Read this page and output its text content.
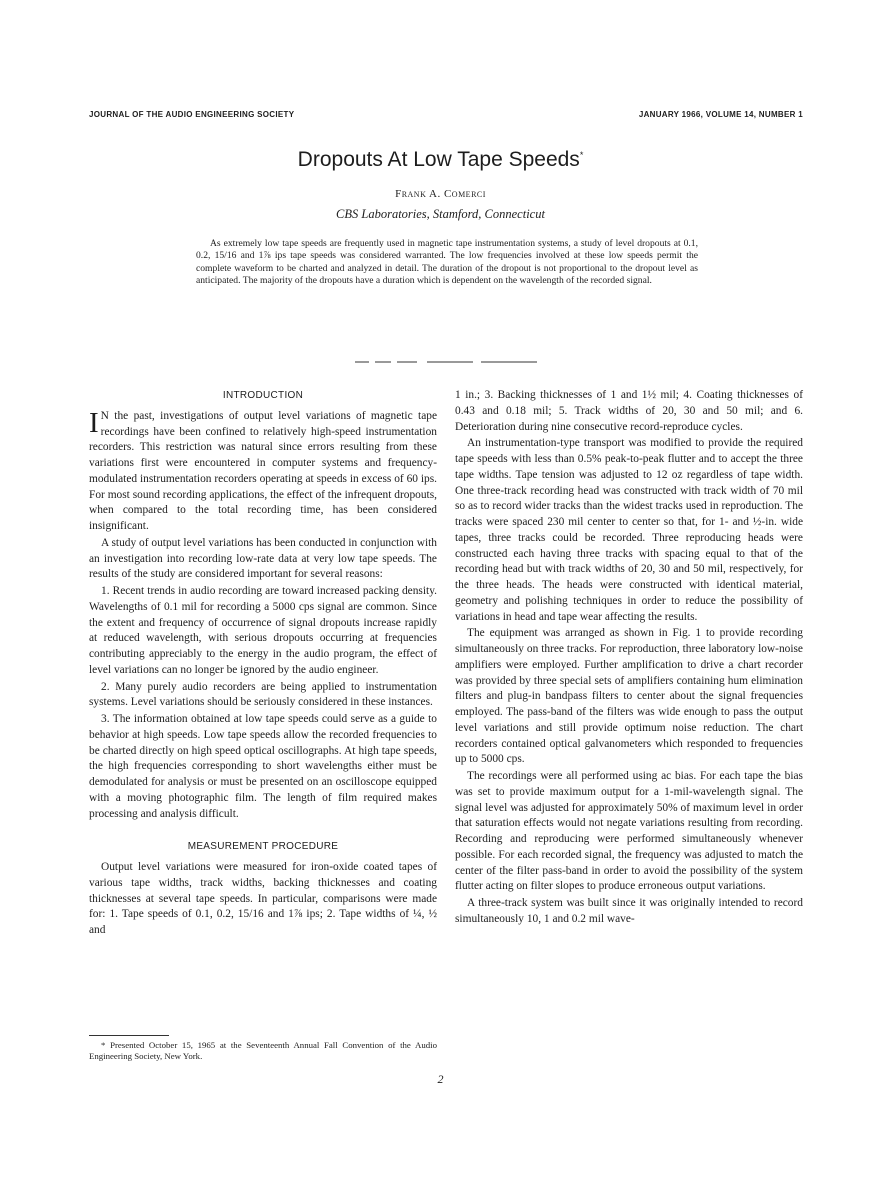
JOURNAL OF THE AUDIO ENGINEERING SOCIETY	JANUARY 1966, VOLUME 14, NUMBER 1
Dropouts At Low Tape Speeds*
Frank A. Comerci
CBS Laboratories, Stamford, Connecticut
As extremely low tape speeds are frequently used in magnetic tape instrumentation systems, a study of level dropouts at 0.1, 0.2, 15/16 and 1⅞ ips tape speeds was considered warranted. The low frequencies involved at these low speeds permit the complete waveform to be charted and analyzed in detail. The duration of the dropout is not proportional to the dropout level as anticipated. The majority of the dropouts have a duration which is dependent on the wavelength of the recorded signal.
INTRODUCTION

I N the past, investigations of output level variations of magnetic tape recordings have been confined to relatively high-speed instrumentation recorders. This restriction was natural since errors resulting from these variations first were encountered in computer systems and frequency-modulated instrumentation recorders operating at speeds in excess of 60 ips. For most sound recording applications, the effect of the infrequent dropouts, when compared to the total recording time, has been considered insignificant.

A study of output level variations has been conducted in conjunction with an investigation into recording low-rate data at very low tape speeds. The results of the study are considered important for several reasons:

1. Recent trends in audio recording are toward increased packing density. Wavelengths of 0.1 mil for recording a 5000 cps signal are common. Since the extent and frequency of occurrence of signal dropouts increase rapidly at reduced wavelength, with serious dropouts occurring at frequencies contributing appreciably to the energy in the audio program, the effect of level variations can no longer be ignored by the audio engineer.

2. Many purely audio recorders are being applied to instrumentation systems. Level variations should be seriously considered in these instances.

3. The information obtained at low tape speeds could serve as a guide to behavior at high speeds. Low tape speeds allow the recorded frequencies to be charted directly on high speed optical oscillographs. At high tape speeds, the high frequencies corresponding to short wavelengths either must be demodulated for analysis or must be presented on an oscilloscope equipped with a moving photographic film. The length of film required makes processing and analysis difficult.

MEASUREMENT PROCEDURE

Output level variations were measured for iron-oxide coated tapes of various tape widths, track widths, backing thicknesses and coating thicknesses at several tape speeds. In particular, comparisons were made for: 1. Tape speeds of 0.1, 0.2, 15/16 and 1⅞ ips; 2. Tape widths of ¼, ½ and

* Presented October 15, 1965 at the Seventeenth Annual Fall Convention of the Audio Engineering Society, New York.

1 in.; 3. Backing thicknesses of 1 and 1½ mil; 4. Coating thicknesses of 0.43 and 0.18 mil; 5. Track widths of 20, 30 and 50 mil; and 6. Deterioration during nine consecutive record-reproduce cycles.

An instrumentation-type transport was modified to provide the required tape speeds with less than 0.5% peak-to-peak flutter and to accept the three tape widths. Tape tension was adjusted to 12 oz regardless of tape width. One three-track recording head was constructed with track width of 70 mil so as to record wider tracks than the widest tracks used in reproduction. The tracks were spaced 230 mil center to center so that, for 1- and ½-in. wide tapes, three tracks could be recorded. Three reproducing heads were constructed each having three tracks with spacing equal to that of the recording head but with track widths of 20, 30 and 50 mil, respectively, for the three heads. The heads were constructed with identical material, geometry and polishing techniques in order to reduce the possibility of variations in head and tape wear affecting the results.

The equipment was arranged as shown in Fig. 1 to provide recording simultaneously on three tracks. For reproduction, three laboratory low-noise amplifiers were employed. Further amplification to drive a chart recorder was provided by three special sets of amplifiers containing hum elimination filters and plug-in bandpass filters to center about the signal frequencies employed. The pass-band of the filters was wide enough to pass the output level variations and still provide optimum noise reduction. The chart recorders contained optical galvanometers which responded to frequencies up to 5000 cps.

The recordings were all performed using ac bias. For each tape the bias was set to provide maximum output for a 1-mil-wavelength signal. The signal level was adjusted for approximately 50% of maximum level in order that saturation effects would not negate variations resulting from recording. Recording and reproducing were performed simultaneously whenever possible. For each recorded signal, the frequency was adjusted to match the center of the filter pass-band in order to avoid the possibility of the system flutter acting on filter slopes to produce erroneous output variations.

A three-track system was built since it was originally intended to record simultaneously 10, 1 and 0.2 mil wave-

2
